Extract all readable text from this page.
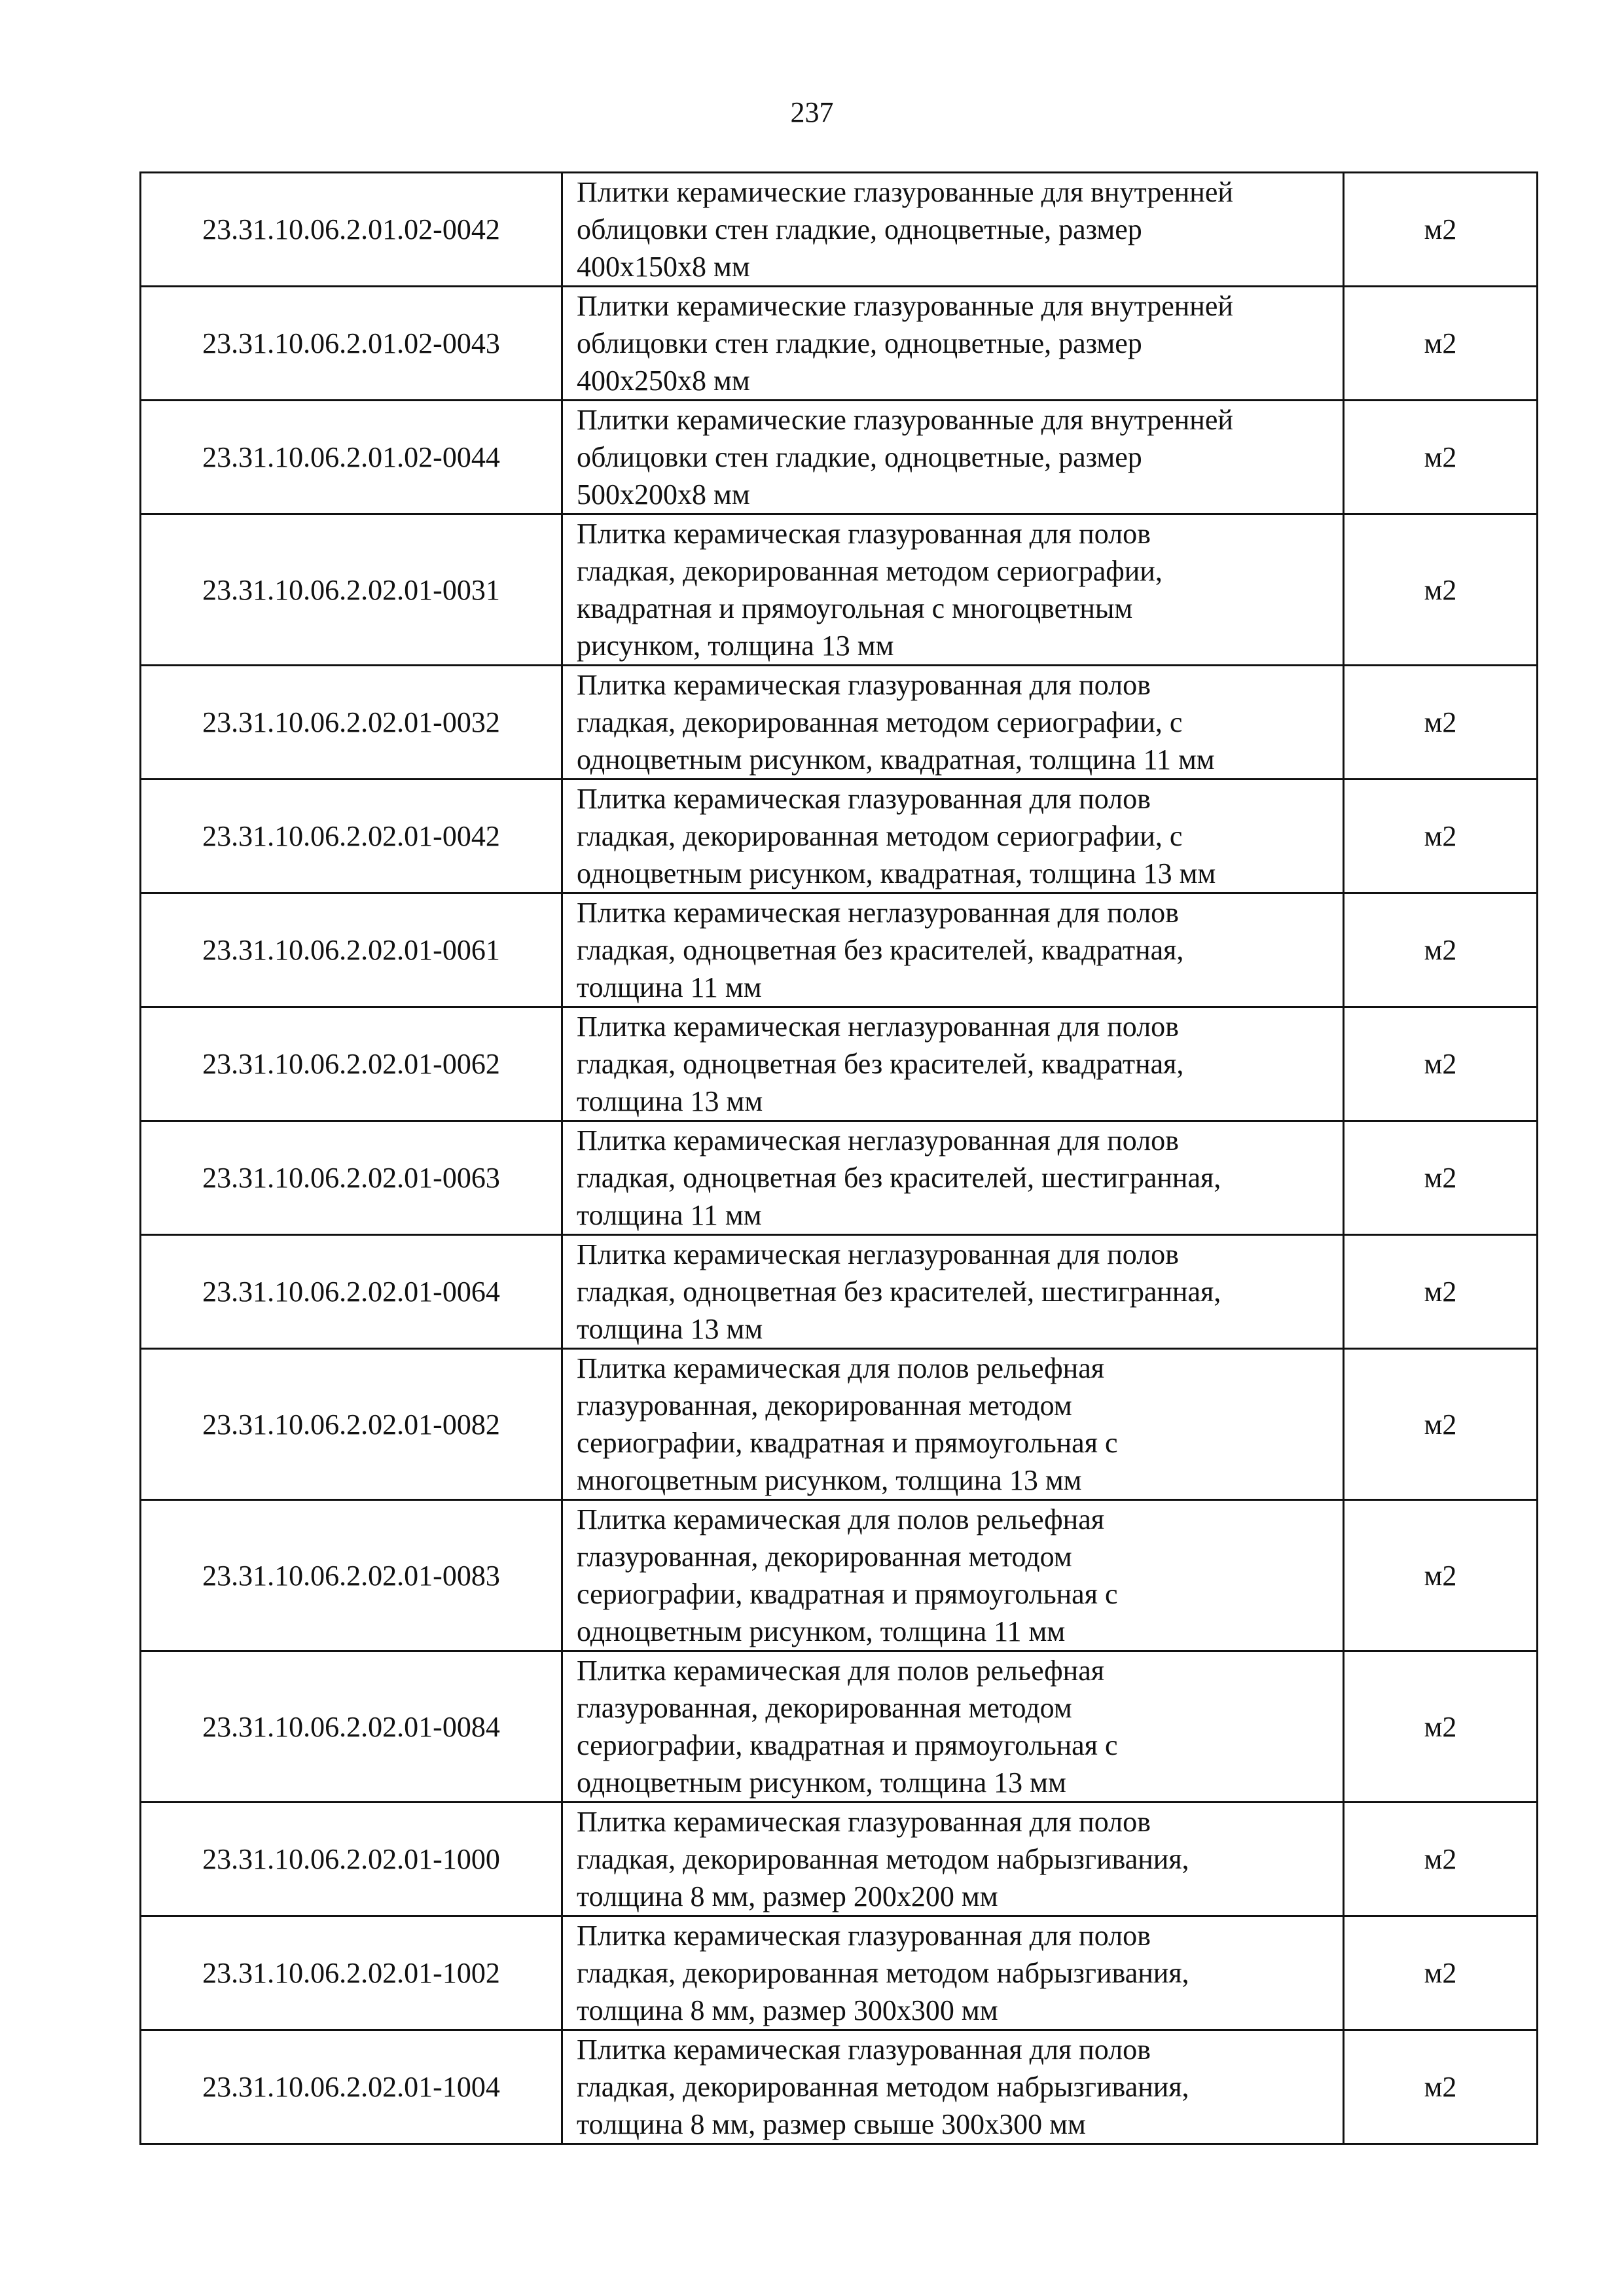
237
23.31.10.06.2.01.02-0042	Плитки керамические глазурованные для внутренней
облицовки стен гладкие, одноцветные, размер
400х150х8 мм	м2
23.31.10.06.2.01.02-0043	Плитки керамические глазурованные для внутренней
облицовки стен гладкие, одноцветные, размер
400х250х8 мм	м2
23.31.10.06.2.01.02-0044	Плитки керамические глазурованные для внутренней
облицовки стен гладкие, одноцветные, размер
500х200х8 мм	м2
23.31.10.06.2.02.01-0031	Плитка керамическая глазурованная для полов
гладкая, декорированная методом сериографии,
квадратная и прямоугольная с многоцветным
рисунком, толщина 13 мм	м2
23.31.10.06.2.02.01-0032	Плитка керамическая глазурованная для полов
гладкая, декорированная методом сериографии, с
одноцветным рисунком, квадратная, толщина 11 мм	м2
23.31.10.06.2.02.01-0042	Плитка керамическая глазурованная для полов
гладкая, декорированная методом сериографии, с
одноцветным рисунком, квадратная, толщина 13 мм	м2
23.31.10.06.2.02.01-0061	Плитка керамическая неглазурованная для полов
гладкая, одноцветная без красителей, квадратная,
толщина 11 мм	м2
23.31.10.06.2.02.01-0062	Плитка керамическая неглазурованная для полов
гладкая, одноцветная без красителей, квадратная,
толщина 13 мм	м2
23.31.10.06.2.02.01-0063	Плитка керамическая неглазурованная для полов
гладкая, одноцветная без красителей, шестигранная,
толщина 11 мм	м2
23.31.10.06.2.02.01-0064	Плитка керамическая неглазурованная для полов
гладкая, одноцветная без красителей, шестигранная,
толщина 13 мм	м2
23.31.10.06.2.02.01-0082	Плитка керамическая для полов рельефная
глазурованная, декорированная методом
сериографии, квадратная и прямоугольная с
многоцветным рисунком, толщина 13 мм	м2
23.31.10.06.2.02.01-0083	Плитка керамическая для полов рельефная
глазурованная, декорированная методом
сериографии, квадратная и прямоугольная с
одноцветным рисунком, толщина 11 мм	м2
23.31.10.06.2.02.01-0084	Плитка керамическая для полов рельефная
глазурованная, декорированная методом
сериографии, квадратная и прямоугольная с
одноцветным рисунком, толщина 13 мм	м2
23.31.10.06.2.02.01-1000	Плитка керамическая глазурованная для полов
гладкая, декорированная методом набрызгивания,
толщина 8 мм, размер 200х200 мм	м2
23.31.10.06.2.02.01-1002	Плитка керамическая глазурованная для полов
гладкая, декорированная методом набрызгивания,
толщина 8 мм, размер 300х300 мм	м2
23.31.10.06.2.02.01-1004	Плитка керамическая глазурованная для полов
гладкая, декорированная методом набрызгивания,
толщина 8 мм, размер свыше 300х300 мм	м2
